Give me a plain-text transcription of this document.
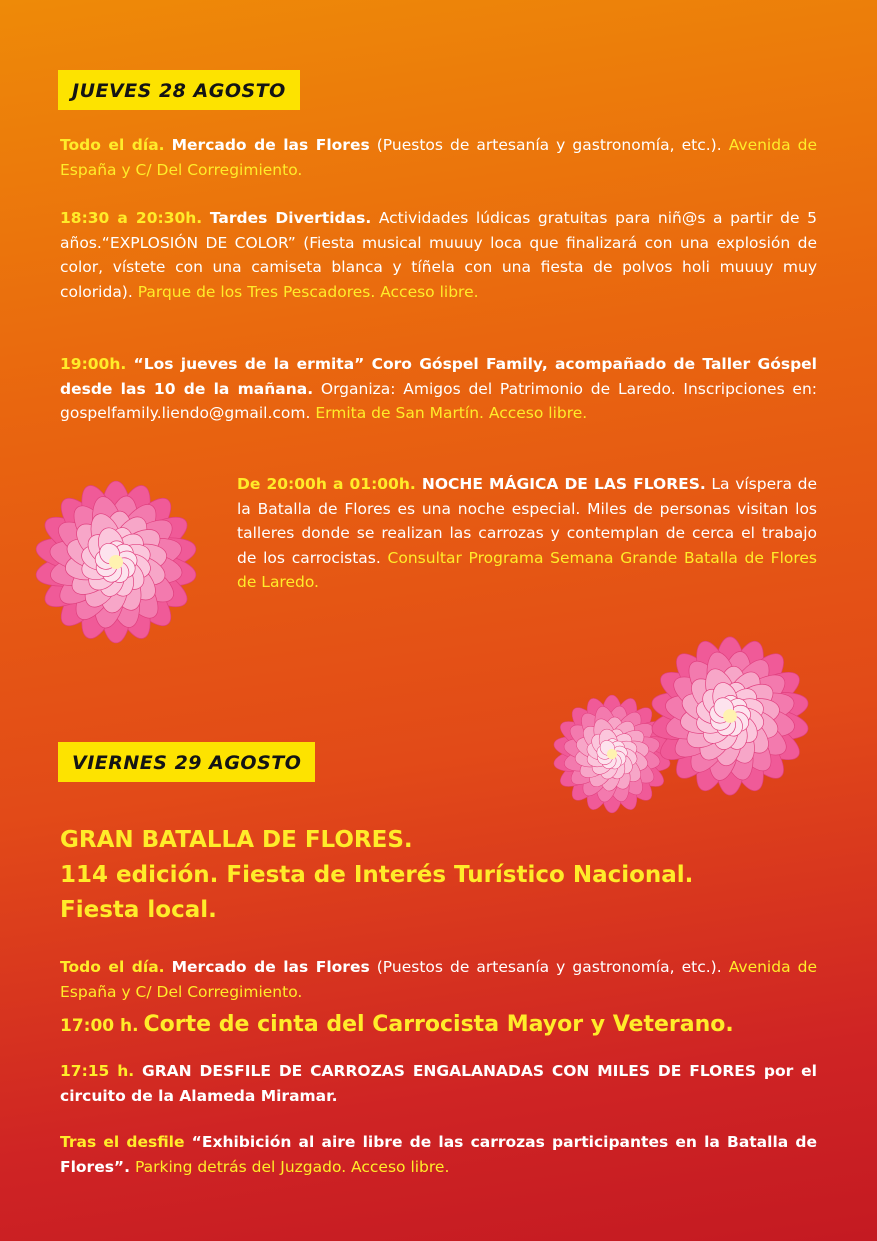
JUEVES 28 AGOSTO
Todo el día. Mercado de las Flores (Puestos de artesanía y gastronomía, etc.). Avenida de España y C/ Del Corregimiento.
18:30 a 20:30h. Tardes Divertidas. Actividades lúdicas gratuitas para niñ@s a partir de 5 años.“EXPLOSIÓN DE COLOR” (Fiesta musical muuuy loca que finalizará con una explosión de color, vístete con una camiseta blanca y tíñela con una fiesta de polvos holi muuuy muy colorida). Parque de los Tres Pescadores. Acceso libre.
19:00h. “Los jueves de la ermita” Coro Góspel Family, acompañado de Taller Góspel desde las 10 de la mañana. Organiza: Amigos del Patrimonio de Laredo. Inscripciones en: gospelfamily.liendo@gmail.com. Ermita de San Martín. Acceso libre.
De 20:00h a 01:00h. NOCHE MÁGICA DE LAS FLORES. La víspera de la Batalla de Flores es una noche especial. Miles de personas visitan los talleres donde se realizan las carrozas y contemplan de cerca el trabajo de los carrocistas. Consultar Programa Semana Grande Batalla de Flores de Laredo.
VIERNES 29 AGOSTO
GRAN BATALLA DE FLORES.
114 edición. Fiesta de Interés Turístico Nacional.
Fiesta local.
Todo el día. Mercado de las Flores (Puestos de artesanía y gastronomía, etc.). Avenida de España y C/ Del Corregimiento.
17:00 h. Corte de cinta del Carrocista Mayor y Veterano.
17:15 h. GRAN DESFILE DE CARROZAS ENGALANADAS CON MILES DE FLORES por el circuito de la Alameda Miramar.
Tras el desfile “Exhibición al aire libre de las carrozas participantes en la Batalla de Flores”. Parking detrás del Juzgado. Acceso libre.
